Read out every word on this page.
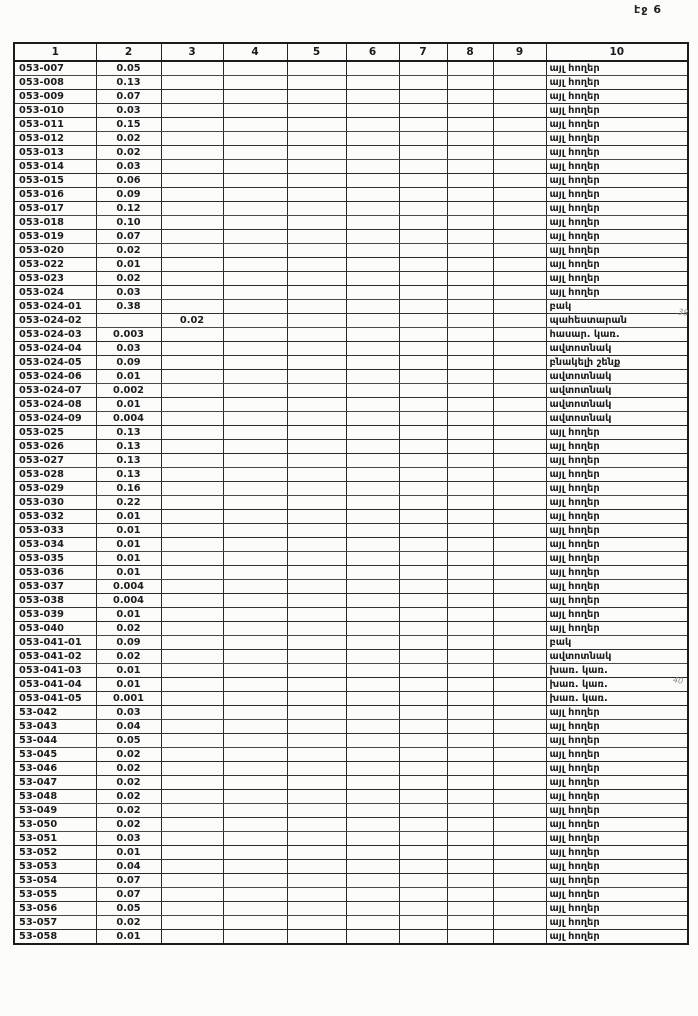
էջ 6
1	2	3	4	5	6	7	8	9	10
053-007	0.05								այլ հողեր
053-008	0.13								այլ հողեր
053-009	0.07								այլ հողեր
053-010	0.03								այլ հողեր
053-011	0.15								այլ հողեր
053-012	0.02								այլ հողեր
053-013	0.02								այլ հողեր
053-014	0.03								այլ հողեր
053-015	0.06								այլ հողեր
053-016	0.09								այլ հողեր
053-017	0.12								այլ հողեր
053-018	0.10								այլ հողեր
053-019	0.07								այլ հողեր
053-020	0.02								այլ հողեր
053-022	0.01								այլ հողեր
053-023	0.02								այլ հողեր
053-024	0.03								այլ հողեր
053-024-01	0.38								բակ
053-024-02		0.02							պահեստարան
053-024-03	0.003								հասար. կառ.
053-024-04	0.03								ավտոտնակ
053-024-05	0.09								բնակելի շենք
053-024-06	0.01								ավտոտնակ
053-024-07	0.002								ավտոտնակ
053-024-08	0.01								ավտոտնակ
053-024-09	0.004								ավտոտնակ
053-025	0.13								այլ հողեր
053-026	0.13								այլ հողեր
053-027	0.13								այլ հողեր
053-028	0.13								այլ հողեր
053-029	0.16								այլ հողեր
053-030	0.22								այլ հողեր
053-032	0.01								այլ հողեր
053-033	0.01								այլ հողեր
053-034	0.01								այլ հողեր
053-035	0.01								այլ հողեր
053-036	0.01								այլ հողեր
053-037	0.004								այլ հողեր
053-038	0.004								այլ հողեր
053-039	0.01								այլ հողեր
053-040	0.02								այլ հողեր
053-041-01	0.09								բակ
053-041-02	0.02								ավտոտնակ
053-041-03	0.01								խառ. կառ.
053-041-04	0.01								խառ. կառ.
053-041-05	0.001								խառ. կառ.
53-042	0.03								այլ հողեր
53-043	0.04								այլ հողեր
53-044	0.05								այլ հողեր
53-045	0.02								այլ հողեր
53-046	0.02								այլ հողեր
53-047	0.02								այլ հողեր
53-048	0.02								այլ հողեր
53-049	0.02								այլ հողեր
53-050	0.02								այլ հողեր
53-051	0.03								այլ հողեր
53-052	0.01								այլ հողեր
53-053	0.04								այլ հողեր
53-054	0.07								այլ հողեր
53-055	0.07								այլ հողեր
53-056	0.05								այլ հողեր
53-057	0.02								այլ հողեր
53-058	0.01								այլ հողեր
38
40
